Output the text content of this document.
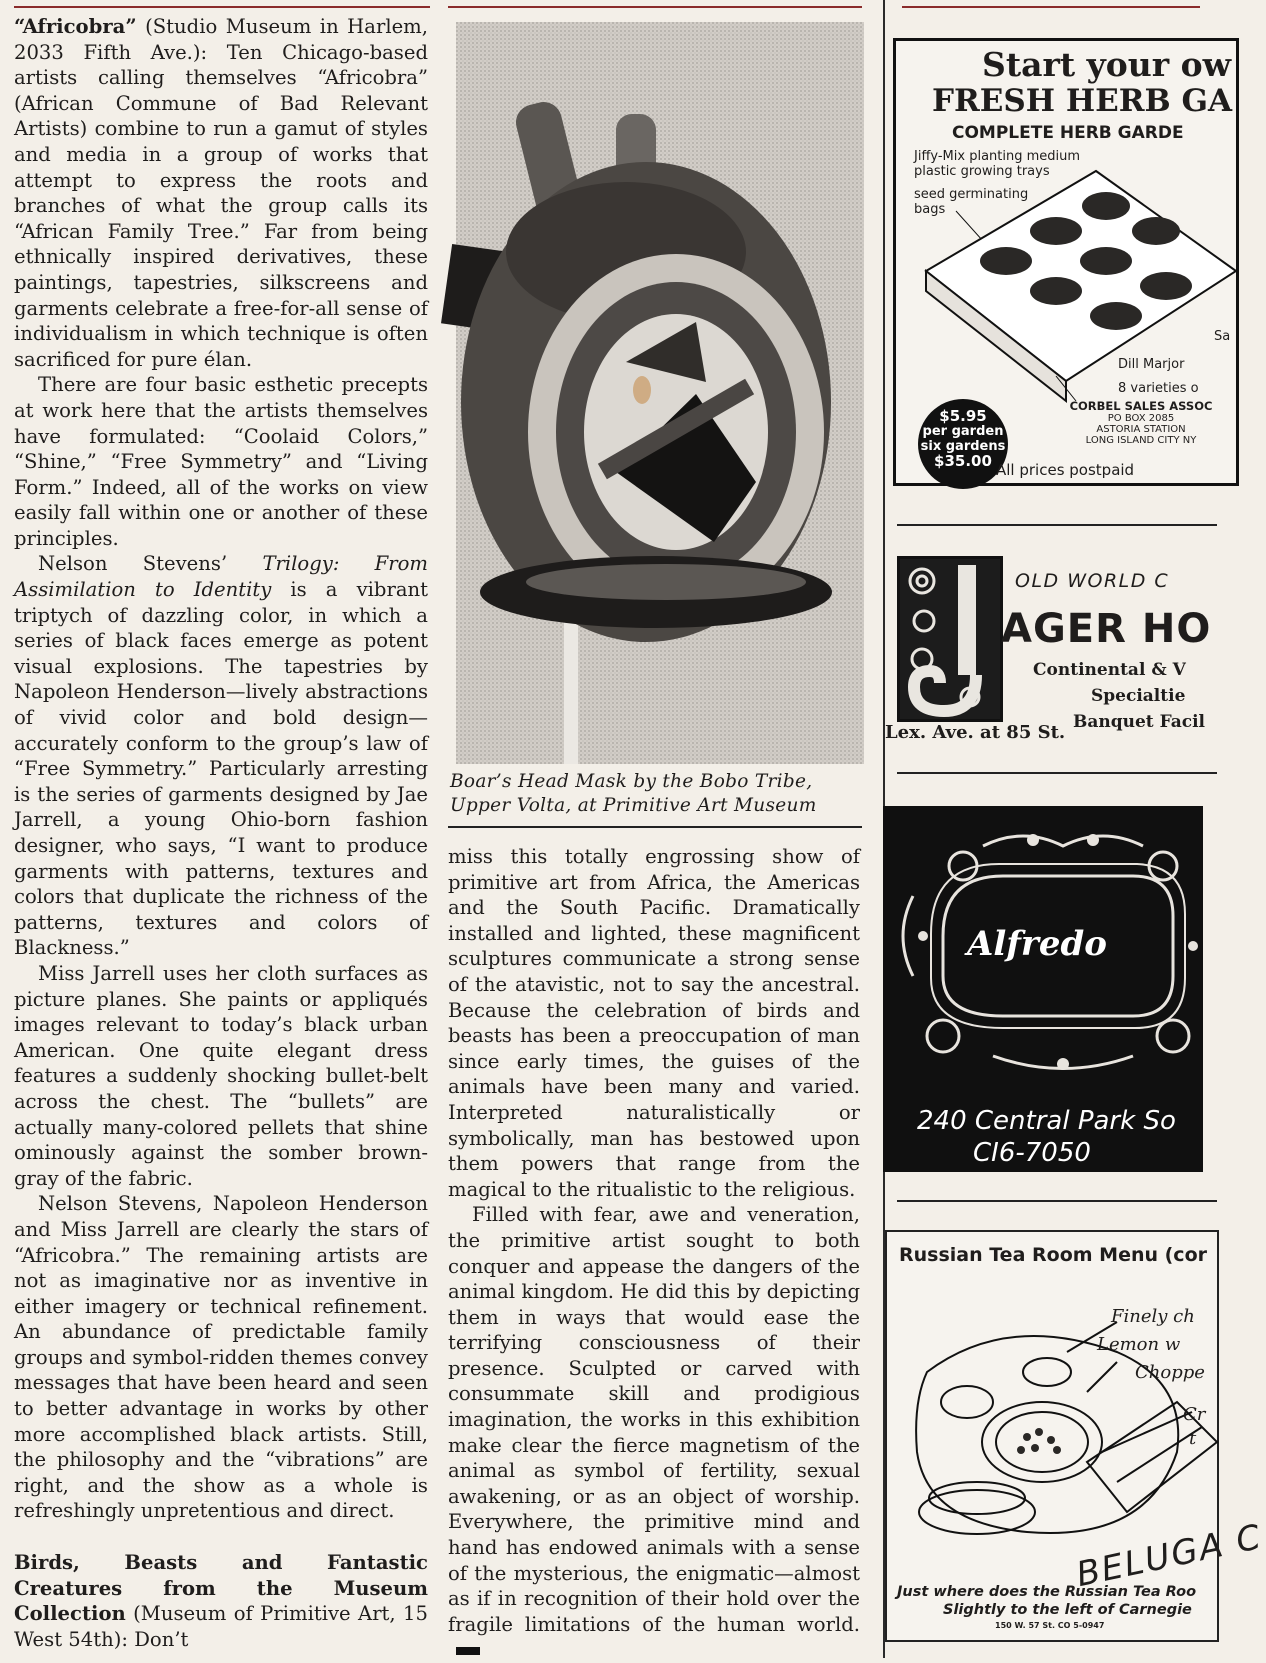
“Africobra” (Studio Museum in Harlem, 2033 Fifth Ave.): Ten Chicago-based artists calling themselves “Africobra” (African Commune of Bad Relevant Artists) combine to run a gamut of styles and media in a group of works that attempt to express the roots and branches of what the group calls its “African Family Tree.” Far from being ethnically inspired derivatives, these paintings, tapestries, silkscreens and garments celebrate a free-for-all sense of individualism in which technique is often sacrificed for pure élan.

There are four basic esthetic precepts at work here that the artists themselves have formulated: “Coolaid Colors,” “Shine,” “Free Symmetry” and “Living Form.” Indeed, all of the works on view easily fall within one or another of these principles.

Nelson Stevens’ Trilogy: From Assimilation to Identity is a vibrant triptych of dazzling color, in which a series of black faces emerge as potent visual explosions. The tapestries by Napoleon Henderson—lively abstractions of vivid color and bold design—accurately conform to the group’s law of “Free Symmetry.” Particularly arresting is the series of garments designed by Jae Jarrell, a young Ohio-born fashion designer, who says, “I want to produce garments with patterns, textures and colors that duplicate the richness of the patterns, textures and colors of Blackness.”

Miss Jarrell uses her cloth surfaces as picture planes. She paints or appliqués images relevant to today’s black urban American. One quite elegant dress features a suddenly shocking bullet-belt across the chest. The “bullets” are actually many-colored pellets that shine ominously against the somber brown-gray of the fabric.

Nelson Stevens, Napoleon Henderson and Miss Jarrell are clearly the stars of “Africobra.” The remaining artists are not as imaginative nor as inventive in either imagery or technical refinement. An abundance of predictable family groups and symbol-ridden themes convey messages that have been heard and seen to better advantage in works by other more accomplished black artists. Still, the philosophy and the “vibrations” are right, and the show as a whole is refreshingly unpretentious and direct.

Birds, Beasts and Fantastic Creatures from the Museum Collection (Museum of Primitive Art, 15 West 54th): Don’t

Boar’s Head Mask by the Bobo Tribe, Upper Volta, at Primitive Art Museum

miss this totally engrossing show of primitive art from Africa, the Americas and the South Pacific. Dramatically installed and lighted, these magnificent sculptures communicate a strong sense of the atavistic, not to say the ancestral. Because the celebration of birds and beasts has been a preoccupation of man since early times, the guises of the animals have been many and varied. Interpreted naturalistically or symbolically, man has bestowed upon them powers that range from the magical to the ritualistic to the religious.

Filled with fear, awe and veneration, the primitive artist sought to both conquer and appease the dangers of the animal kingdom. He did this by depicting them in ways that would ease the terrifying consciousness of their presence. Sculpted or carved with consummate skill and prodigious imagination, the works in this exhibition make clear the fierce magnetism of the animal as symbol of fertility, sexual awakening, or as an object of worship. Everywhere, the primitive mind and hand has endowed animals with a sense of the mysterious, the enigmatic—almost as if in recognition of their hold over the fragile limitations of the human world.

Start your ow
FRESH HERB GA
COMPLETE HERB GARDE
Jiffy-Mix planting medium
plastic growing trays
seed germinating
bags
Sa
Dill Marjor
8 varieties o
$5.95
per garden
six gardens
$35.00
CORBEL SALES ASSOC
PO BOX 2085
ASTORIA STATION
LONG ISLAND CITY NY
All prices postpaid
OLD WORLD C
AGER HO
Continental & V
Specialtie
Banquet Facil
Lex. Ave. at 85 St.
Alfredo
240 Central Park So
CI6-7050
Russian Tea Room Menu (cor
Finely ch
Lemon w
Choppe
Cr
t
BELUGA C
Just where does the Russian Tea Roo
Slightly to the left of Carnegie
150 W. 57 St. CO 5-0947
